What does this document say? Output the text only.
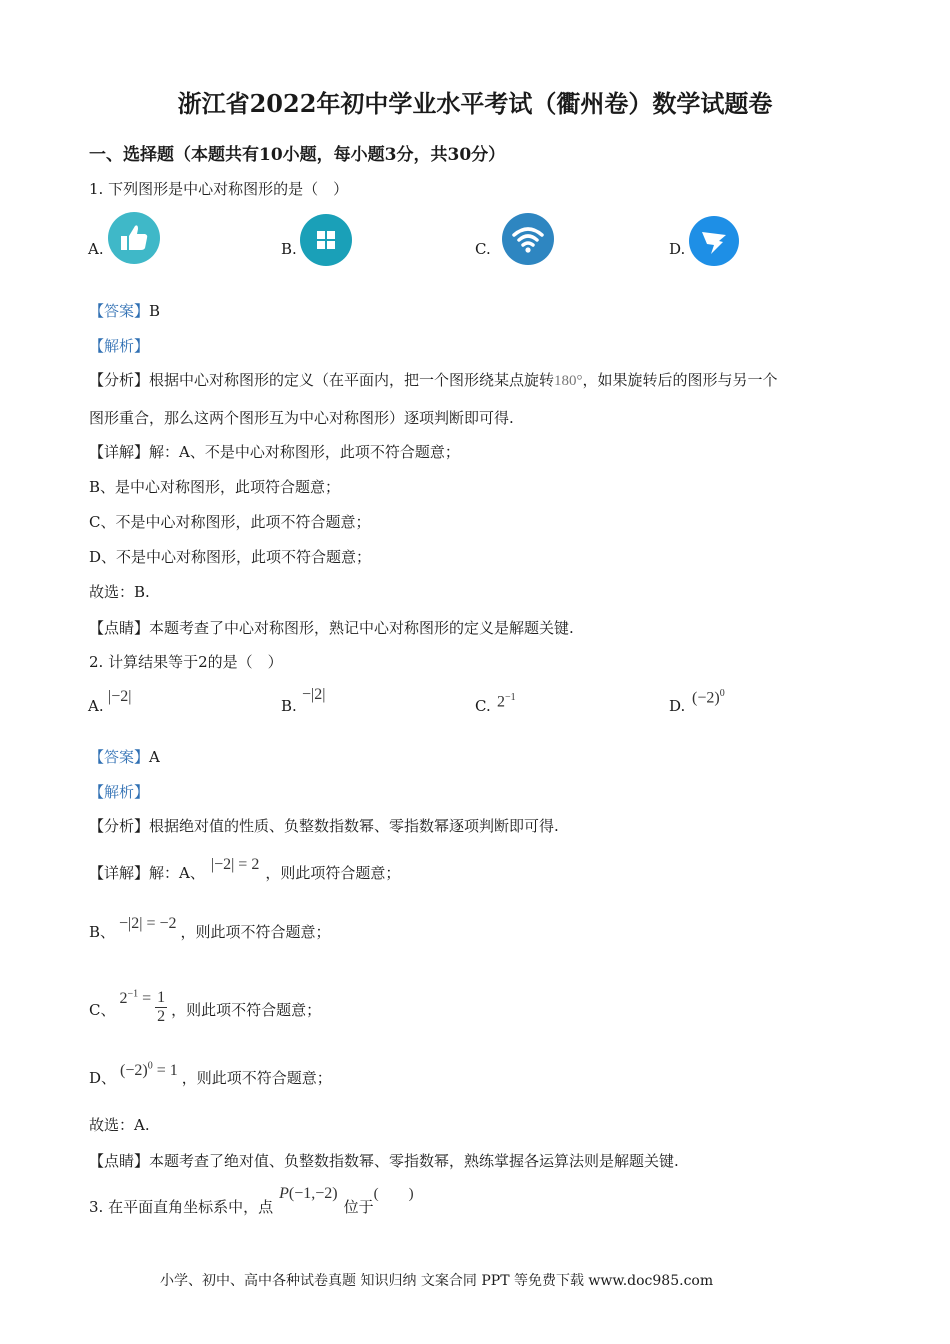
浙江省2022年初中学业水平考试（衢州卷）数学试题卷
一、选择题（本题共有10小题，每小题3分，共30分）
1. 下列图形是中心对称图形的是（　）
A.	B.	C.	D.
【答案】B
【解析】
【分析】根据中心对称图形的定义（在平面内，把一个图形绕某点旋转180°，如果旋转后的图形与另一个
图形重合，那么这两个图形互为中心对称图形）逐项判断即可得.
【详解】解：A、不是中心对称图形，此项不符合题意；
B、是中心对称图形，此项符合题意；
C、不是中心对称图形，此项不符合题意；
D、不是中心对称图形，此项不符合题意；
故选：B.
【点睛】本题考查了中心对称图形，熟记中心对称图形的定义是解题关键.
2. 计算结果等于2的是（　）
A.
|−2|
B.
−|2|
C. $2^{-1}$	D. $(-2)^0$
【答案】A
【解析】
【分析】根据绝对值的性质、负整数指数幂、零指数幂逐项判断即可得.
【详解】解：A、 |−2| = 2 ，则此项符合题意；
B、 −|2| = −2 ，则此项不符合题意；
C、$2^{-1} = \frac{1}{2}$ ，则此项不符合题意；
D、 $(-2)^0 = 1$ ，则此项不符合题意；
故选：A.
【点睛】本题考查了绝对值、负整数指数幂、零指数幂，熟练掌握各运算法则是解题关键.
3. 在平面直角坐标系中，点P(−1,−2)位于(　　)
小学、初中、高中各种试卷真题 知识归纳 文案合同 PPT 等免费下载 www.doc985.com
